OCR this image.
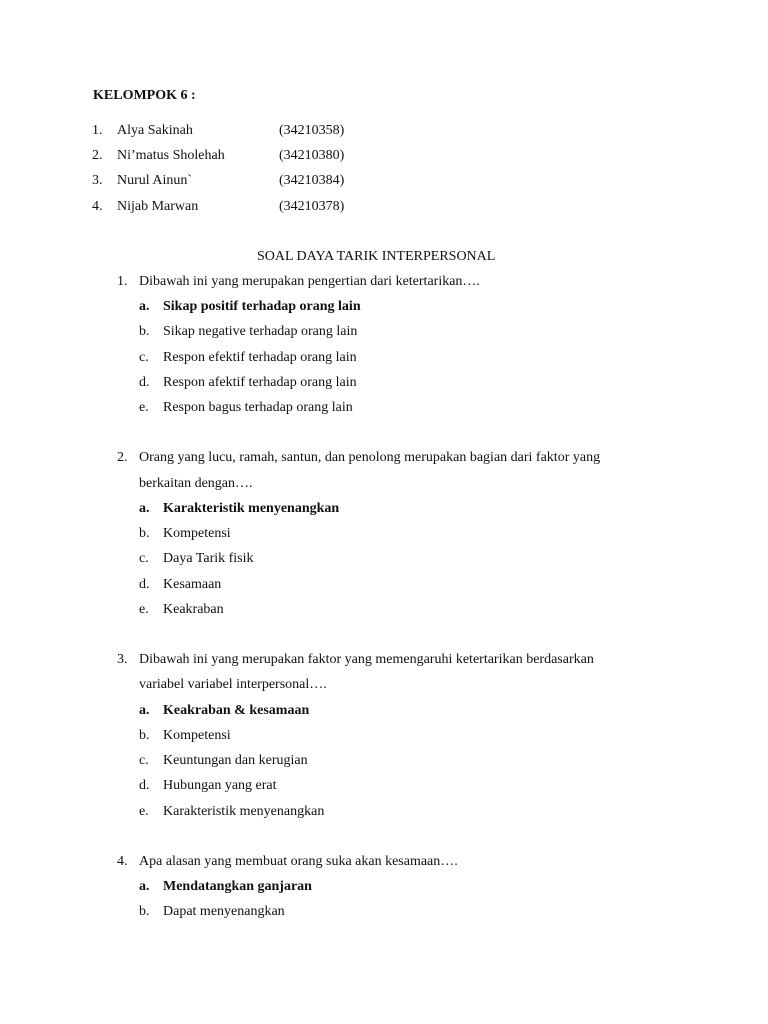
KELOMPOK 6 :
1. Alya Sakinah	(34210358)
2. Ni’matus Sholehah	(34210380)
3. Nurul Ainun`	(34210384)
4. Nijab Marwan	(34210378)
SOAL DAYA TARIK INTERPERSONAL
1. Dibawah ini yang merupakan pengertian dari ketertarikan….
a. Sikap positif terhadap orang lain
b. Sikap negative terhadap orang lain
c. Respon efektif terhadap orang lain
d. Respon afektif terhadap orang lain
e. Respon bagus terhadap orang lain
2. Orang yang lucu, ramah, santun, dan penolong merupakan bagian dari faktor yang
berkaitan dengan….
a. Karakteristik menyenangkan
b. Kompetensi
c. Daya Tarik fisik
d. Kesamaan
e. Keakraban
3. Dibawah ini yang merupakan faktor yang memengaruhi ketertarikan berdasarkan
variabel variabel interpersonal….
a. Keakraban & kesamaan
b. Kompetensi
c. Keuntungan dan kerugian
d. Hubungan yang erat
e. Karakteristik menyenangkan
4. Apa alasan yang membuat orang suka akan kesamaan….
a. Mendatangkan ganjaran
b. Dapat menyenangkan
